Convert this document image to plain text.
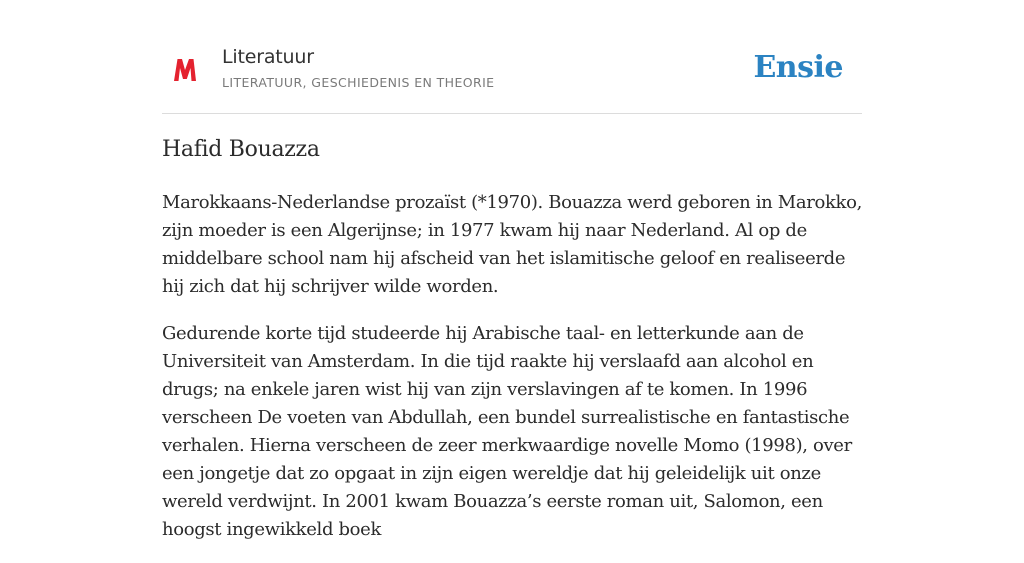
Literatuur
LITERATUUR, GESCHIEDENIS EN THEORIE	Ensie
Hafid Bouazza

Marokkaans-Nederlandse prozaïst (*1970). Bouazza werd geboren in Marokko, zijn moeder is een Algerijnse; in 1977 kwam hij naar Nederland. Al op de middelbare school nam hij afscheid van het islamitische geloof en realiseerde hij zich dat hij schrijver wilde worden.

Gedurende korte tijd studeerde hij Arabische taal- en letterkunde aan de Universiteit van Amsterdam. In die tijd raakte hij verslaafd aan alcohol en drugs; na enkele jaren wist hij van zijn verslavingen af te komen. In 1996 verscheen De voeten van Abdullah, een bundel surrealistische en fantastische verhalen. Hierna verscheen de zeer merkwaardige novelle Momo (1998), over een jongetje dat zo opgaat in zijn eigen wereldje dat hij geleidelijk uit onze wereld verdwijnt. In 2001 kwam Bouazza’s eerste roman uit, Salomon, een hoogst ingewikkeld boek
